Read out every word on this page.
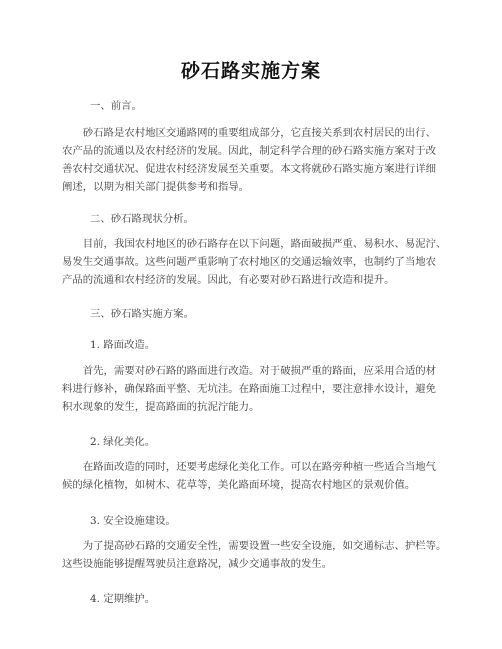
砂石路实施方案
一、前言。
　　砂石路是农村地区交通路网的重要组成部分，它直接关系到农村居民的出行、
农产品的流通以及农村经济的发展。因此，制定科学合理的砂石路实施方案对于改
善农村交通状况、促进农村经济发展至关重要。本文将就砂石路实施方案进行详细
阐述，以期为相关部门提供参考和指导。
二、砂石路现状分析。
　　目前，我国农村地区的砂石路存在以下问题，路面破损严重、易积水、易泥泞、
易发生交通事故。这些问题严重影响了农村地区的交通运输效率，也制约了当地农
产品的流通和农村经济的发展。因此，有必要对砂石路进行改造和提升。
三、砂石路实施方案。
1. 路面改造。
　　首先，需要对砂石路的路面进行改造。对于破损严重的路面，应采用合适的材
料进行修补，确保路面平整、无坑洼。在路面施工过程中，要注意排水设计，避免
积水现象的发生，提高路面的抗泥泞能力。
2. 绿化美化。
　　在路面改造的同时，还要考虑绿化美化工作。可以在路旁种植一些适合当地气
候的绿化植物，如树木、花草等，美化路面环境，提高农村地区的景观价值。
3. 安全设施建设。
　　为了提高砂石路的交通安全性，需要设置一些安全设施，如交通标志、护栏等。
这些设施能够提醒驾驶员注意路况，减少交通事故的发生。
4. 定期维护。
